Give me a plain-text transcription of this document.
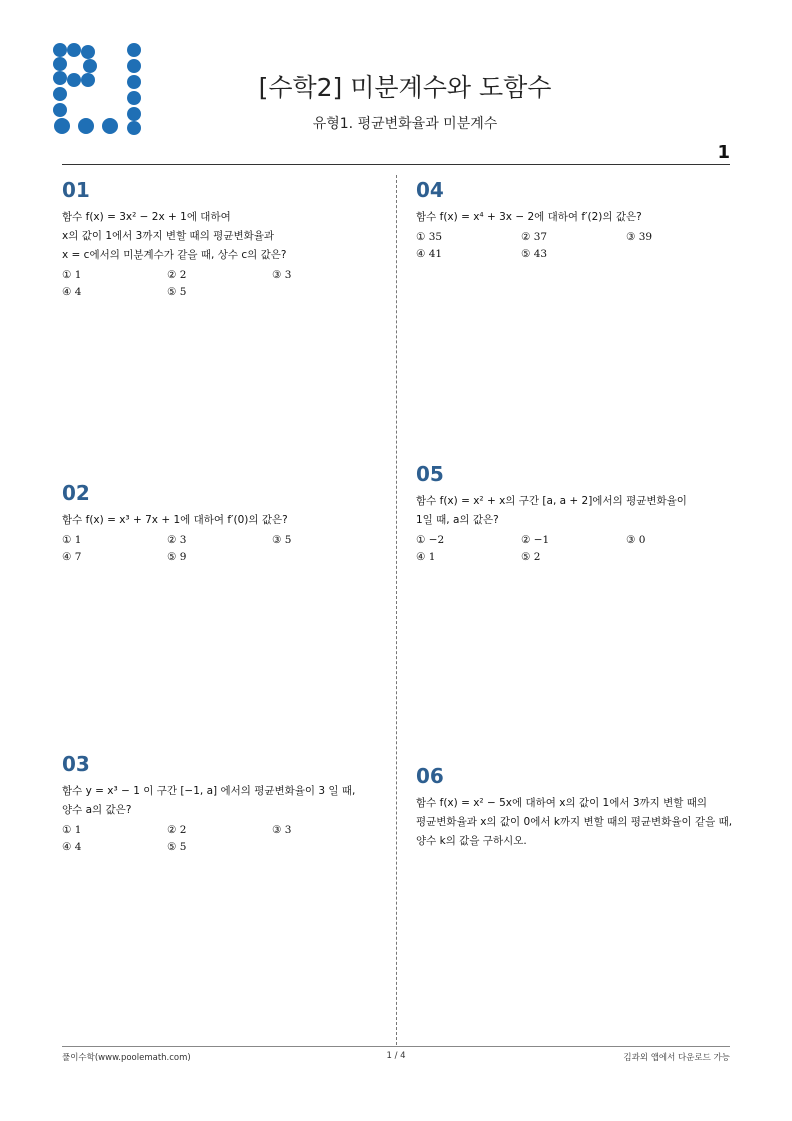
[수학2] 미분계수와 도함수
유형1. 평균변화율과 미분계수
1
01
함수 f(x) = 3x² − 2x + 1에 대하여
x의 값이 1에서 3까지 변할 때의 평균변화율과
x = c에서의 미분계수가 같을 때, 상수 c의 값은?
① 1	② 2	③ 3
④ 4	⑤ 5
02
함수 f(x) = x³ + 7x + 1에 대하여 f′(0)의 값은?
① 1	② 3	③ 5
④ 7	⑤ 9
03
함수 y = x³ − 1 이 구간 [−1, a] 에서의 평균변화율이 3 일 때,
양수 a의 값은?
① 1	② 2	③ 3
④ 4	⑤ 5
04
함수 f(x) = x⁴ + 3x − 2에 대하여 f′(2)의 값은?
① 35	② 37	③ 39
④ 41	⑤ 43
05
함수 f(x) = x² + x의 구간 [a, a + 2]에서의 평균변화율이
1일 때, a의 값은?
① −2	② −1	③ 0
④ 1	⑤ 2
06
함수 f(x) = x² − 5x에 대하여 x의 값이 1에서 3까지 변할 때의
평균변화율과 x의 값이 0에서 k까지 변할 때의 평균변화율이 같을 때,
양수 k의 값을 구하시오.
풀이수학(www.poolemath.com)	1 / 4	김과외 앱에서 다운로드 가능
